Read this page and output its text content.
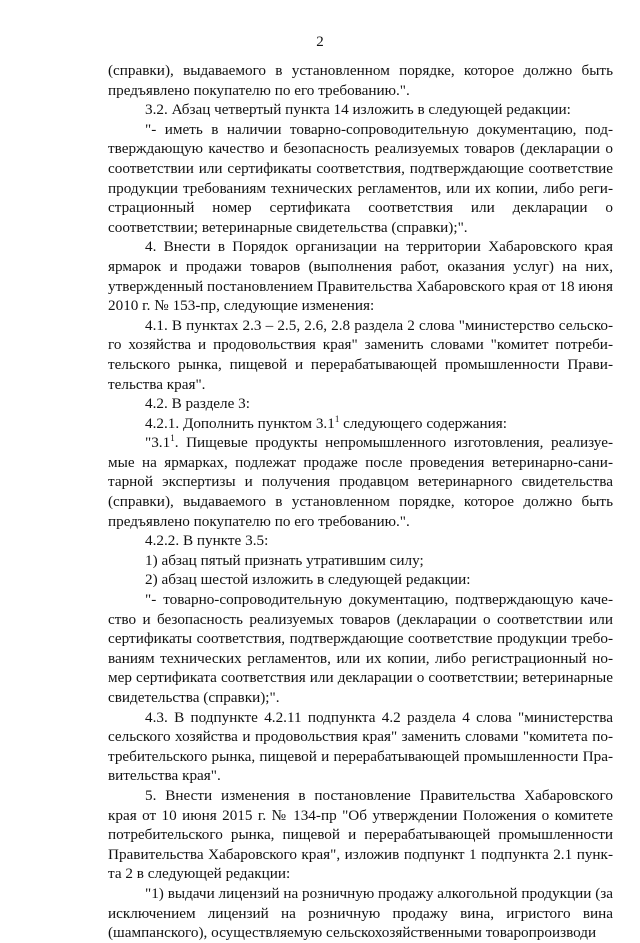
2

(справки), выдаваемого в установленном порядке, которое должно быть предъявлено покупателю по его требованию.".

3.2. Абзац четвертый пункта 14 изложить в следующей редакции:

"- иметь в наличии товарно-сопроводительную документацию, подтверждающую качество и безопасность реализуемых товаров (декларации о соответствии или сертификаты соответствия, подтверждающие соответствие продукции требованиям технических регламентов, или их копии, либо регистрационный номер сертификата соответствия или декларации о соответствии; ветеринарные свидетельства (справки);".

4. Внести в Порядок организации на территории Хабаровского края ярмарок и продажи товаров (выполнения работ, оказания услуг) на них, утвержденный постановлением Правительства Хабаровского края от 18 июня 2010 г. № 153-пр, следующие изменения:

4.1. В пунктах 2.3 – 2.5, 2.6, 2.8 раздела 2 слова "министерство сельского хозяйства и продовольствия края" заменить словами "комитет потребительского рынка, пищевой и перерабатывающей промышленности Правительства края".

4.2. В разделе 3:

4.2.1. Дополнить пунктом $3.1^1$ следующего содержания:

"$3.1^1$. Пищевые продукты непромышленного изготовления, реализуемые на ярмарках, подлежат продаже после проведения ветеринарно-санитарной экспертизы и получения продавцом ветеринарного свидетельства (справки), выдаваемого в установленном порядке, которое должно быть предъявлено покупателю по его требованию.".

4.2.2. В пункте 3.5:

1) абзац пятый признать утратившим силу;

2) абзац шестой изложить в следующей редакции:

"- товарно-сопроводительную документацию, подтверждающую качество и безопасность реализуемых товаров (декларации о соответствии или сертификаты соответствия, подтверждающие соответствие продукции требованиям технических регламентов, или их копии, либо регистрационный номер сертификата соответствия или декларации о соответствии; ветеринарные свидетельства (справки);".

4.3. В подпункте 4.2.11 подпункта 4.2 раздела 4 слова "министерства сельского хозяйства и продовольствия края" заменить словами "комитета потребительского рынка, пищевой и перерабатывающей промышленности Правительства края".

5. Внести изменения в постановление Правительства Хабаровского края от 10 июня 2015 г. № 134-пр "Об утверждении Положения о комитете потребительского рынка, пищевой и перерабатывающей промышленности Правительства Хабаровского края", изложив подпункт 1 подпункта 2.1 пункта 2 в следующей редакции:

"1) выдачи лицензий на розничную продажу алкогольной продукции (за исключением лицензий на розничную продажу вина, игристого вина (шампанского), осуществляемую сельскохозяйственными товаропроизводи
